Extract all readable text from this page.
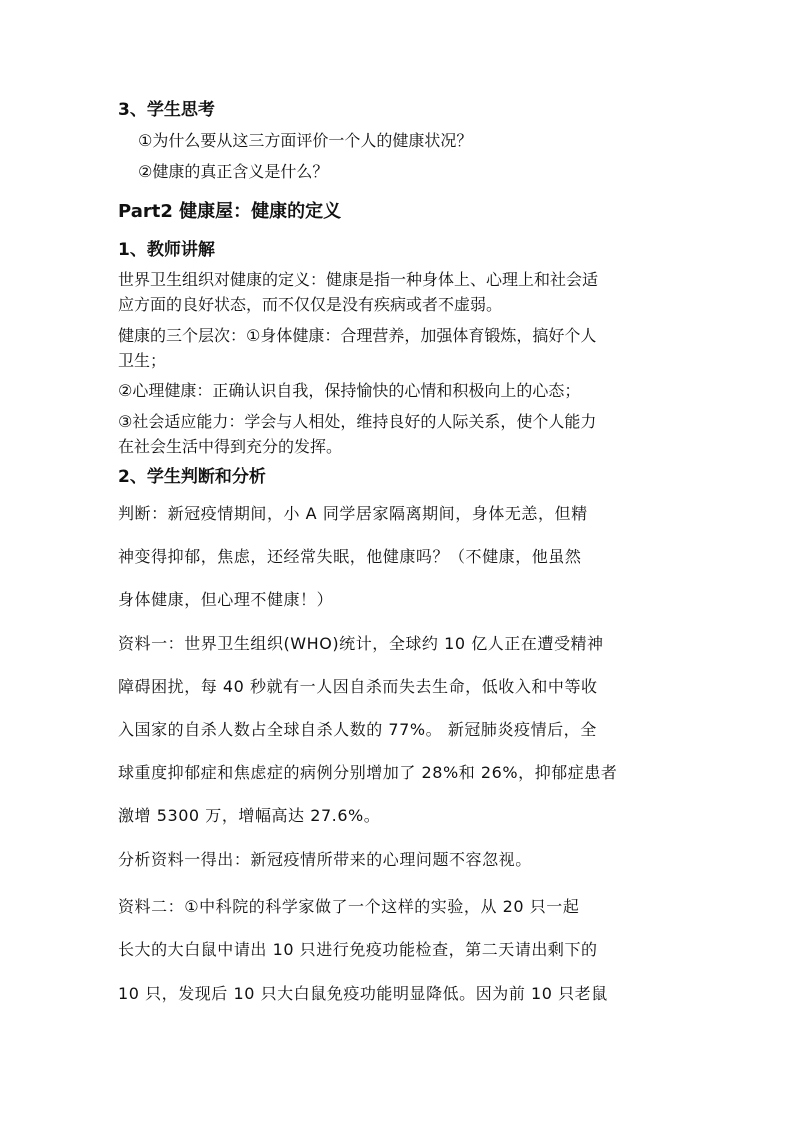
3、学生思考
①为什么要从这三方面评价一个人的健康状况？
②健康的真正含义是什么？
Part2 健康屋：健康的定义
1、教师讲解
世界卫生组织对健康的定义：健康是指一种身体上、心理上和社会适
应方面的良好状态，而不仅仅是没有疾病或者不虚弱。
健康的三个层次：①身体健康：合理营养，加强体育锻炼，搞好个人
卫生；
②心理健康：正确认识自我，保持愉快的心情和积极向上的心态；
③社会适应能力：学会与人相处，维持良好的人际关系，使个人能力
在社会生活中得到充分的发挥。
2、学生判断和分析
判断：新冠疫情期间，小 A 同学居家隔离期间，身体无恙，但精
神变得抑郁，焦虑，还经常失眠，他健康吗？（不健康，他虽然
身体健康，但心理不健康！）
资料一：世界卫生组织(WHO)统计，全球约 10 亿人正在遭受精神
障碍困扰，每 40 秒就有一人因自杀而失去生命，低收入和中等收
入国家的自杀人数占全球自杀人数的 77%。 新冠肺炎疫情后，全
球重度抑郁症和焦虑症的病例分别增加了 28%和 26%，抑郁症患者
激增 5300 万，增幅高达 27.6%。
分析资料一得出：新冠疫情所带来的心理问题不容忽视。
资料二：①中科院的科学家做了一个这样的实验，从 20 只一起
长大的大白鼠中请出 10 只进行免疫功能检查，第二天请出剩下的
10 只，发现后 10 只大白鼠免疫功能明显降低。因为前 10 只老鼠
